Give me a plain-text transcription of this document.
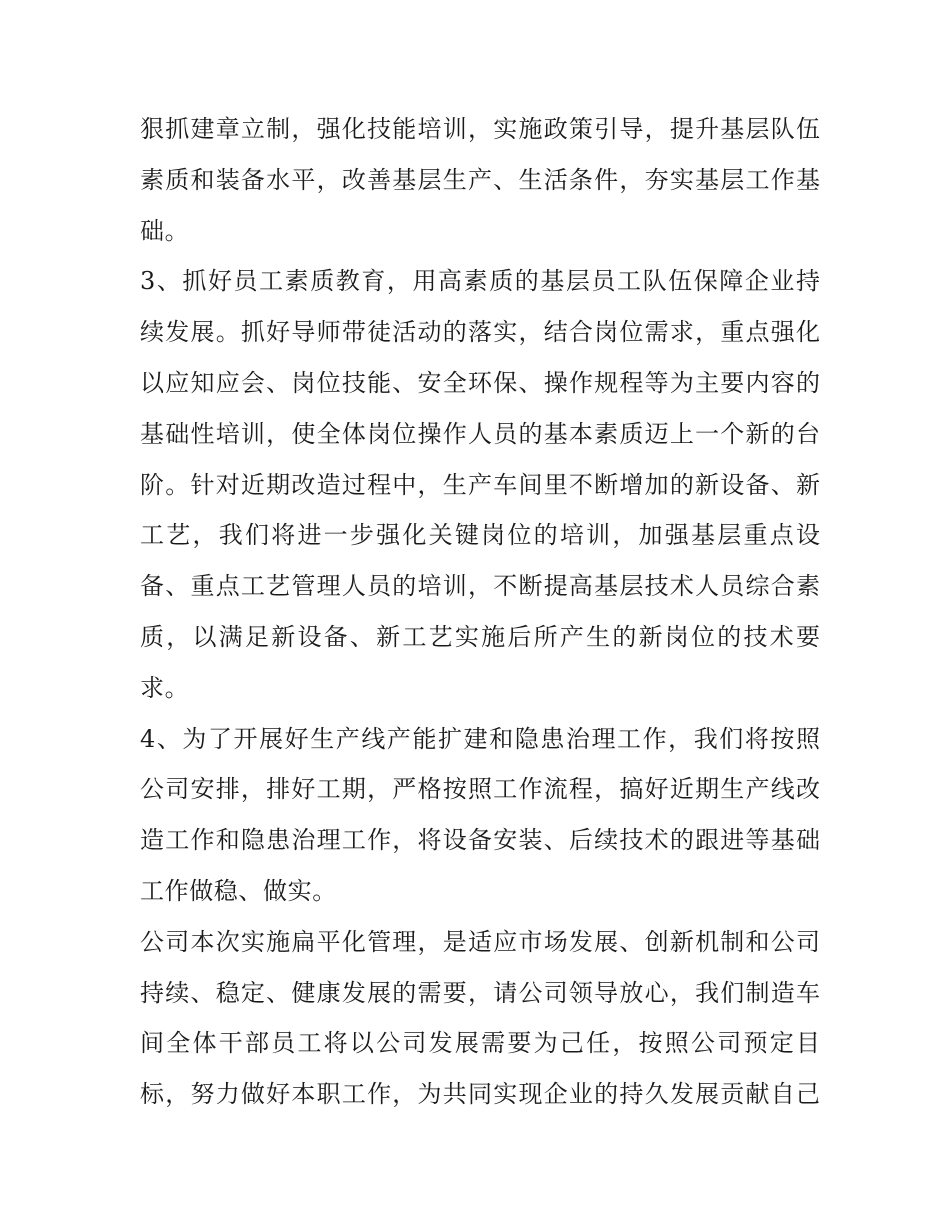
狠抓建章立制，强化技能培训，实施政策引导，提升基层队伍
素质和装备水平，改善基层生产、生活条件，夯实基层工作基
础。
3、抓好员工素质教育，用高素质的基层员工队伍保障企业持
续发展。抓好导师带徒活动的落实，结合岗位需求，重点强化
以应知应会、岗位技能、安全环保、操作规程等为主要内容的
基础性培训，使全体岗位操作人员的基本素质迈上一个新的台
阶。针对近期改造过程中，生产车间里不断增加的新设备、新
工艺，我们将进一步强化关键岗位的培训，加强基层重点设
备、重点工艺管理人员的培训，不断提高基层技术人员综合素
质，以满足新设备、新工艺实施后所产生的新岗位的技术要
求。
4、为了开展好生产线产能扩建和隐患治理工作，我们将按照
公司安排，排好工期，严格按照工作流程，搞好近期生产线改
造工作和隐患治理工作，将设备安装、后续技术的跟进等基础
工作做稳、做实。
公司本次实施扁平化管理，是适应市场发展、创新机制和公司
持续、稳定、健康发展的需要，请公司领导放心，我们制造车
间全体干部员工将以公司发展需要为己任，按照公司预定目
标，努力做好本职工作，为共同实现企业的持久发展贡献自己
